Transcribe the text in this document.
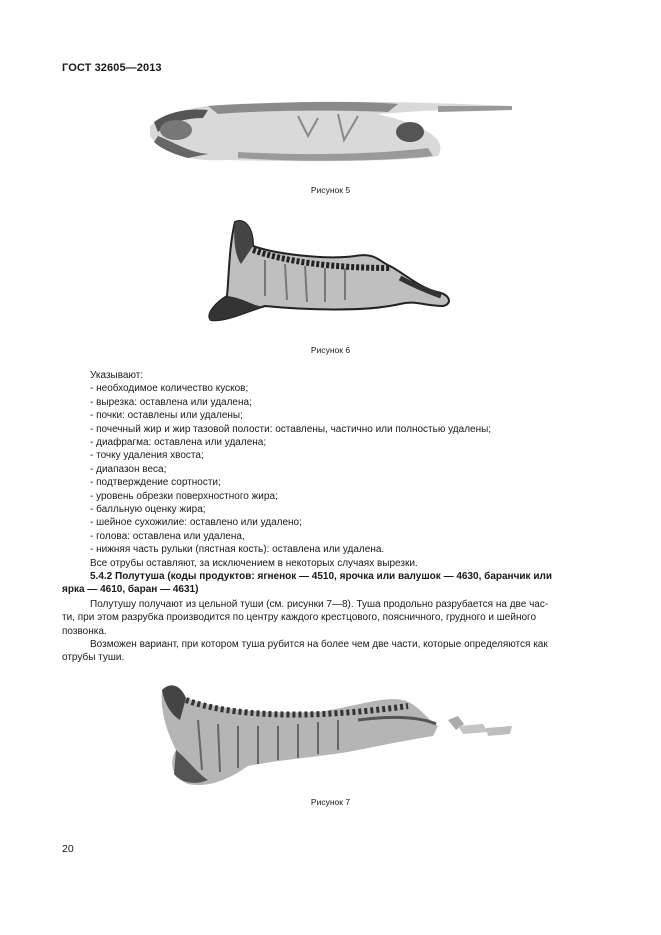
ГОСТ 32605—2013
Рисунок 5
Рисунок 6
Указывают:
- необходимое количество кусков;
- вырезка: оставлена или удалена;
- почки: оставлены или удалены;
- почечный жир и жир тазовой полости: оставлены, частично или полностью удалены;
- диафрагма: оставлена или удалена;
- точку удаления хвоста;
- диапазон веса;
- подтверждение сортности;
- уровень обрезки поверхностного жира;
- балльную оценку жира;
- шейное сухожилие: оставлено или удалено;
- голова: оставлена или удалена,
- нижняя часть рульки (пястная кость): оставлена или удалена.
Все отрубы оставляют, за исключением в некоторых случаях вырезки.
5.4.2 Полутуша (коды продуктов: ягненок — 4510, ярочка или валушок — 4630, баранчик или
ярка — 4610, баран — 4631)
Полутушу получают из цельной туши (см. рисунки 7—8). Туша продольно разрубается на две час-
ти, при этом разрубка производится по центру каждого крестцового, поясничного, грудного и шейного
позвонка.
Возможен вариант, при котором туша рубится на более чем две части, которые определяются как
отрубы туши.
Рисунок 7
20
